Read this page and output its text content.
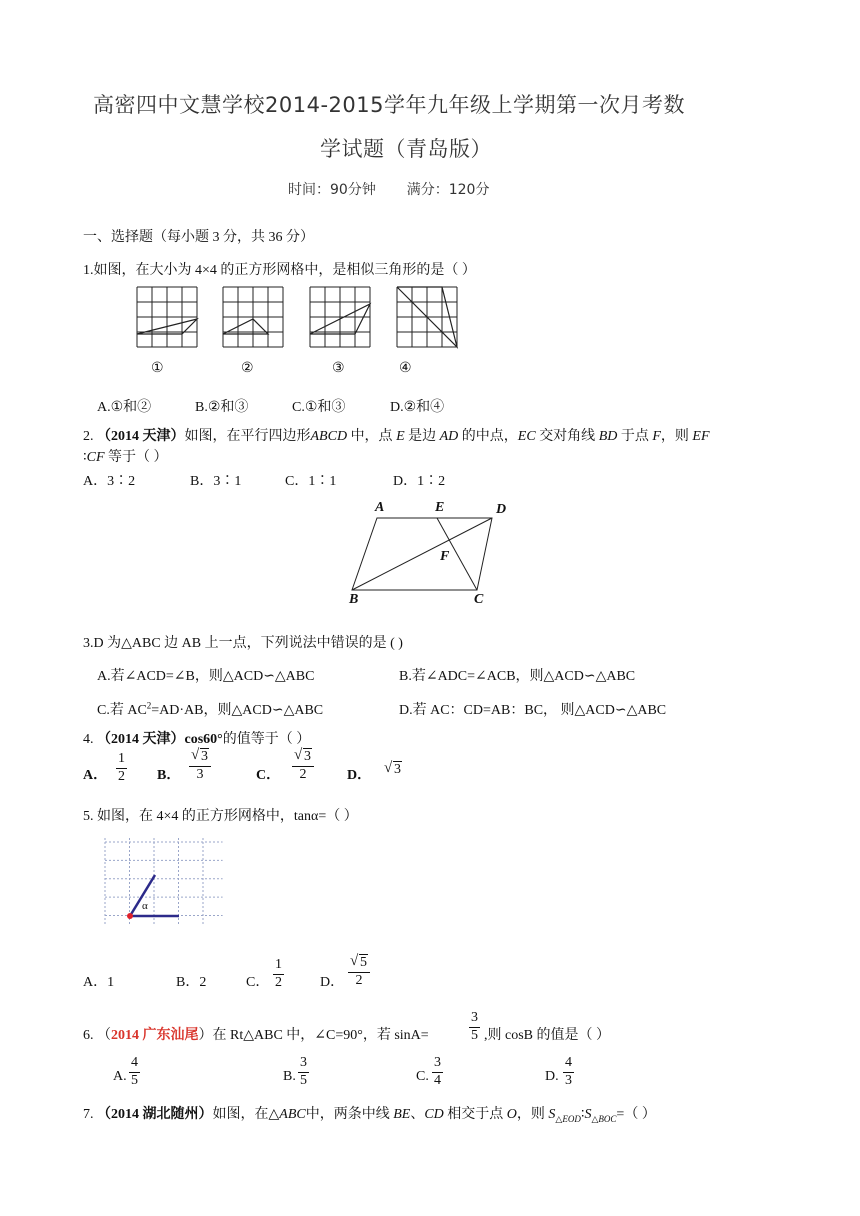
高密四中文慧学校2014-2015学年九年级上学期第一次月考数
学试题（青岛版）
时间：90分钟 满分：120分
一、选择题（每小题 3 分，共 36 分）
1.如图，在大小为 4×4 的正方形网格中，是相似三角形的是（ ）
①	②	③	④
A.①和②	B.②和③	C.①和③	D.②和④
2. （2014 天津）如图，在平行四边形ABCD 中，点 E 是边 AD 的中点，EC 交对角线 BD 于点 F，则 EF
∶CF 等于（ ）
A．3∶2	B．3∶1	C．1∶1	D．1∶2
A	E	D
F
B	C
3.D 为△ABC 边 AB 上一点，下列说法中错误的是 ( )
A.若∠ACD=∠B，则△ACD∽△ABC	B.若∠ADC=∠ACB，则△ACD∽△ABC
C.若 $AC^2=AD\cdot AB$，则△ACD∽△ABC	D.若 AC：CD=AB：BC， 则△ACD∽△ABC
4. （2014 天津）cos60°的值等于（ ）
A． $\frac{1}{2}$ B． $\frac{√ 3}{3}$	C． $\frac{√ 3}{2}$ D． √ 3
5. 如图，在 4×4 的正方形网格中，tanα=（ ）
α
A．1	B．2	C． $\frac{1}{2}$	D． $\frac{√ 5}{2}$
6. （2014 广东汕尾）在 Rt△ABC 中，∠C=90°，若 sinA=	$\frac{3}{5}$ ,则 cosB 的值是（ ）
A. $\frac{4}{5}$	B. $\frac{3}{5}$	C. $\frac{3}{4}$	D. $\frac{4}{3}$
7. （2014 湖北随州）如图，在△ABC中，两条中线 BE、CD 相交于点 O，则 $S_{\triangle EOD}∶S_{\triangle BOC}=$（ ）
